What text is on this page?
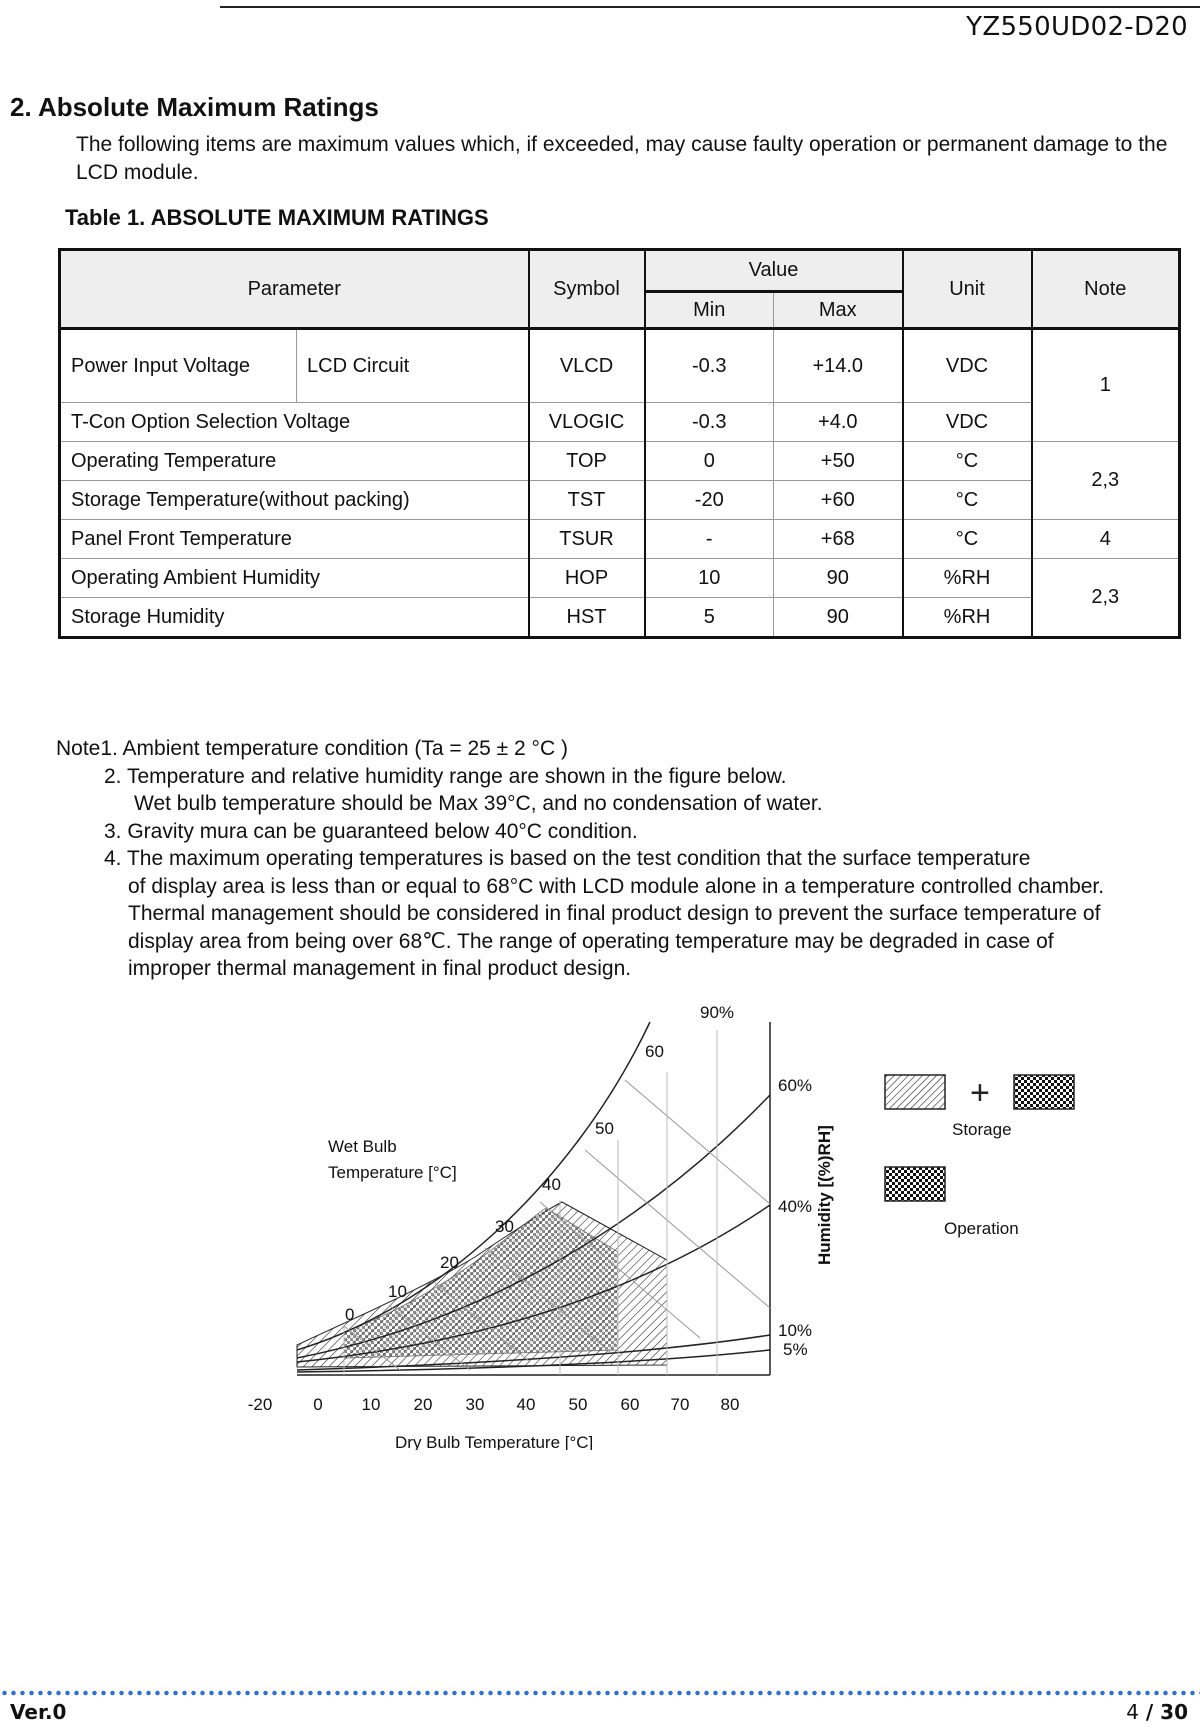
YZ550UD02-D20
2. Absolute Maximum Ratings
The following items are maximum values which, if exceeded, may cause faulty operation or permanent damage to the LCD module.
Table 1. ABSOLUTE MAXIMUM RATINGS
Parameter		Symbol	Value		Unit	Note
			Min	Max		
Power Input Voltage	LCD Circuit	VLCD	-0.3	+14.0	VDC	1
T-Con Option Selection Voltage		VLOGIC	-0.3	+4.0	VDC	
Operating Temperature		TOP	0	+50	°C	2,3
Storage Temperature(without packing)		TST	-20	+60	°C	
Panel Front Temperature		TSUR	-	+68	°C	4
Operating Ambient Humidity		HOP	10	90	%RH	2,3
Storage Humidity		HST	5	90	%RH	
Note1. Ambient temperature condition (Ta = 25 ± 2 °C )
2. Temperature and relative humidity range are shown in the figure below.
Wet bulb temperature should be Max 39°C, and no condensation of water.
3. Gravity mura can be guaranteed below 40°C condition.
4. The maximum operating temperatures is based on the test condition that the surface temperature
of display area is less than or equal to 68°C with LCD module alone in a temperature controlled chamber.
Thermal management should be considered in final product design to prevent the surface temperature of
display area from being over 68℃. The range of operating temperature may be degraded in case of
improper thermal management in final product design.
-20 0 10 20 30 40 50 60 70 80
0
10
20
30
40
50
60
90%
60%
40%
10%
5%
Wet Bulb
Temperature [°C]
Dry Bulb Temperature [°C]
Humidity [(%)RH]
+
Storage
Operation
Ver.0	4 / 30
